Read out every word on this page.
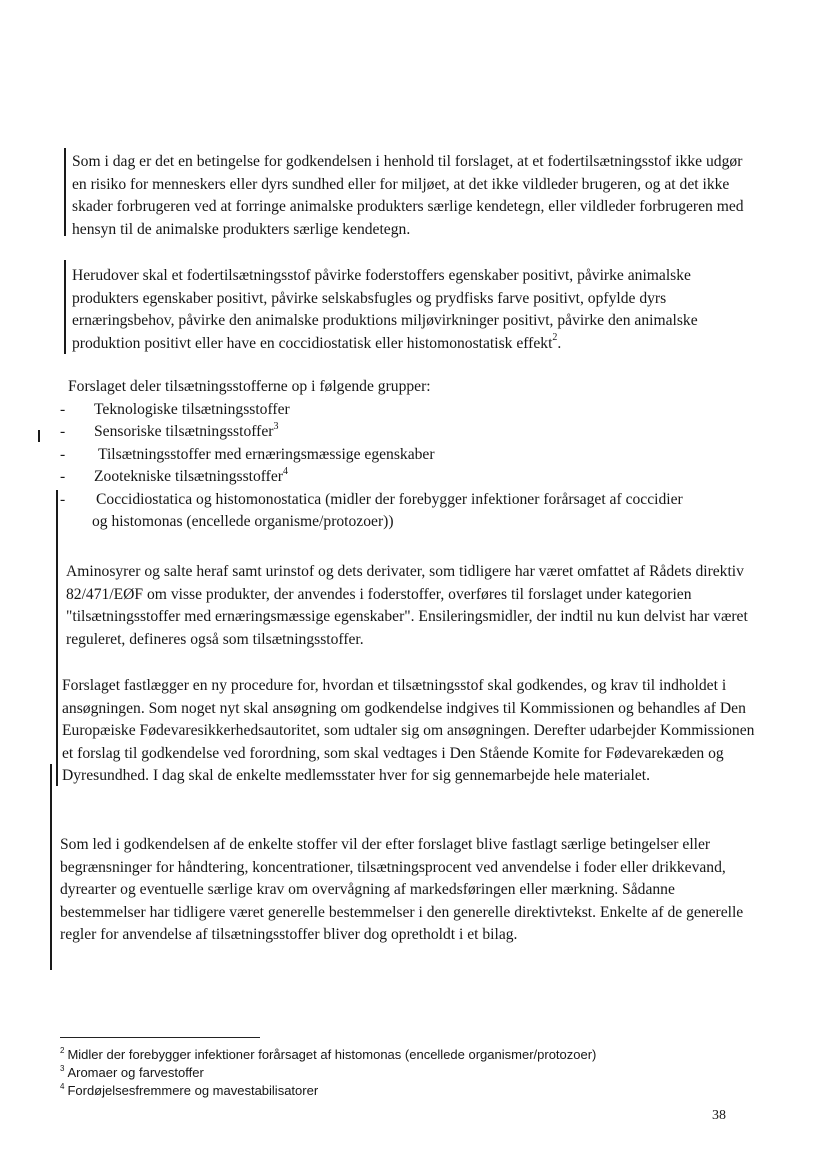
Som i dag er det en betingelse for godkendelsen i henhold til forslaget, at et fodertilsætningsstof ikke udgør en risiko for menneskers eller dyrs sundhed eller for miljøet, at det ikke vildleder brugeren, og at det ikke skader forbrugeren ved at forringe animalske produkters særlige kendetegn, eller vildleder forbrugeren med hensyn til de animalske produkters særlige kendetegn.

Herudover skal et fodertilsætningsstof påvirke foderstoffers egenskaber positivt, påvirke animalske produkters egenskaber positivt, påvirke selskabsfugles og prydfisks farve positivt, opfylde dyrs ernæringsbehov, påvirke den animalske produktions miljøvirkninger positivt, påvirke den animalske produktion positivt eller have en coccidiostatisk eller histomonostatisk effekt$^2$.

Forslaget deler tilsætningsstofferne op i følgende grupper:

- Teknologiske tilsætningsstoffer
- Sensoriske tilsætningsstoffer$^3$
- Tilsætningsstoffer med ernæringsmæssige egenskaber
- Zootekniske tilsætningsstoffer$^4$
- Coccidiostatica og histomonostatica (midler der forebygger infektioner forårsaget af coccidier
og histomonas (encellede organisme/protozoer))

Aminosyrer og salte heraf samt urinstof og dets derivater, som tidligere har været omfattet af Rådets direktiv 82/471/EØF om visse produkter, der anvendes i foderstoffer, overføres til forslaget under kategorien "tilsætningsstoffer med ernæringsmæssige egenskaber". Ensileringsmidler, der indtil nu kun delvist har været reguleret, defineres også som tilsætningsstoffer.

Forslaget fastlægger en ny procedure for, hvordan et tilsætningsstof skal godkendes, og krav til indholdet i ansøgningen. Som noget nyt skal ansøgning om godkendelse indgives til Kommissionen og behandles af Den Europæiske Fødevaresikkerhedsautoritet, som udtaler sig om ansøgningen. Derefter udarbejder Kommissionen et forslag til godkendelse ved forordning, som skal vedtages i Den Stående Komite for Fødevarekæden og Dyresundhed. I dag skal de enkelte medlemsstater hver for sig gennemarbejde hele materialet.

Som led i godkendelsen af de enkelte stoffer vil der efter forslaget blive fastlagt særlige betingelser eller begrænsninger for håndtering, koncentrationer, tilsætningsprocent ved anvendelse i foder eller drikkevand, dyrearter og eventuelle særlige krav om overvågning af markedsføringen eller mærkning. Sådanne bestemmelser har tidligere været generelle bestemmelser i den generelle direktivtekst. Enkelte af de generelle regler for anvendelse af tilsætningsstoffer bliver dog opretholdt i et bilag.

$^2$ Midler der forebygger infektioner forårsaget af histomonas (encellede organismer/protozoer)
$^3$ Aromaer og farvestoffer
$^4$ Fordøjelsesfremmere og mavestabilisatorer
38
